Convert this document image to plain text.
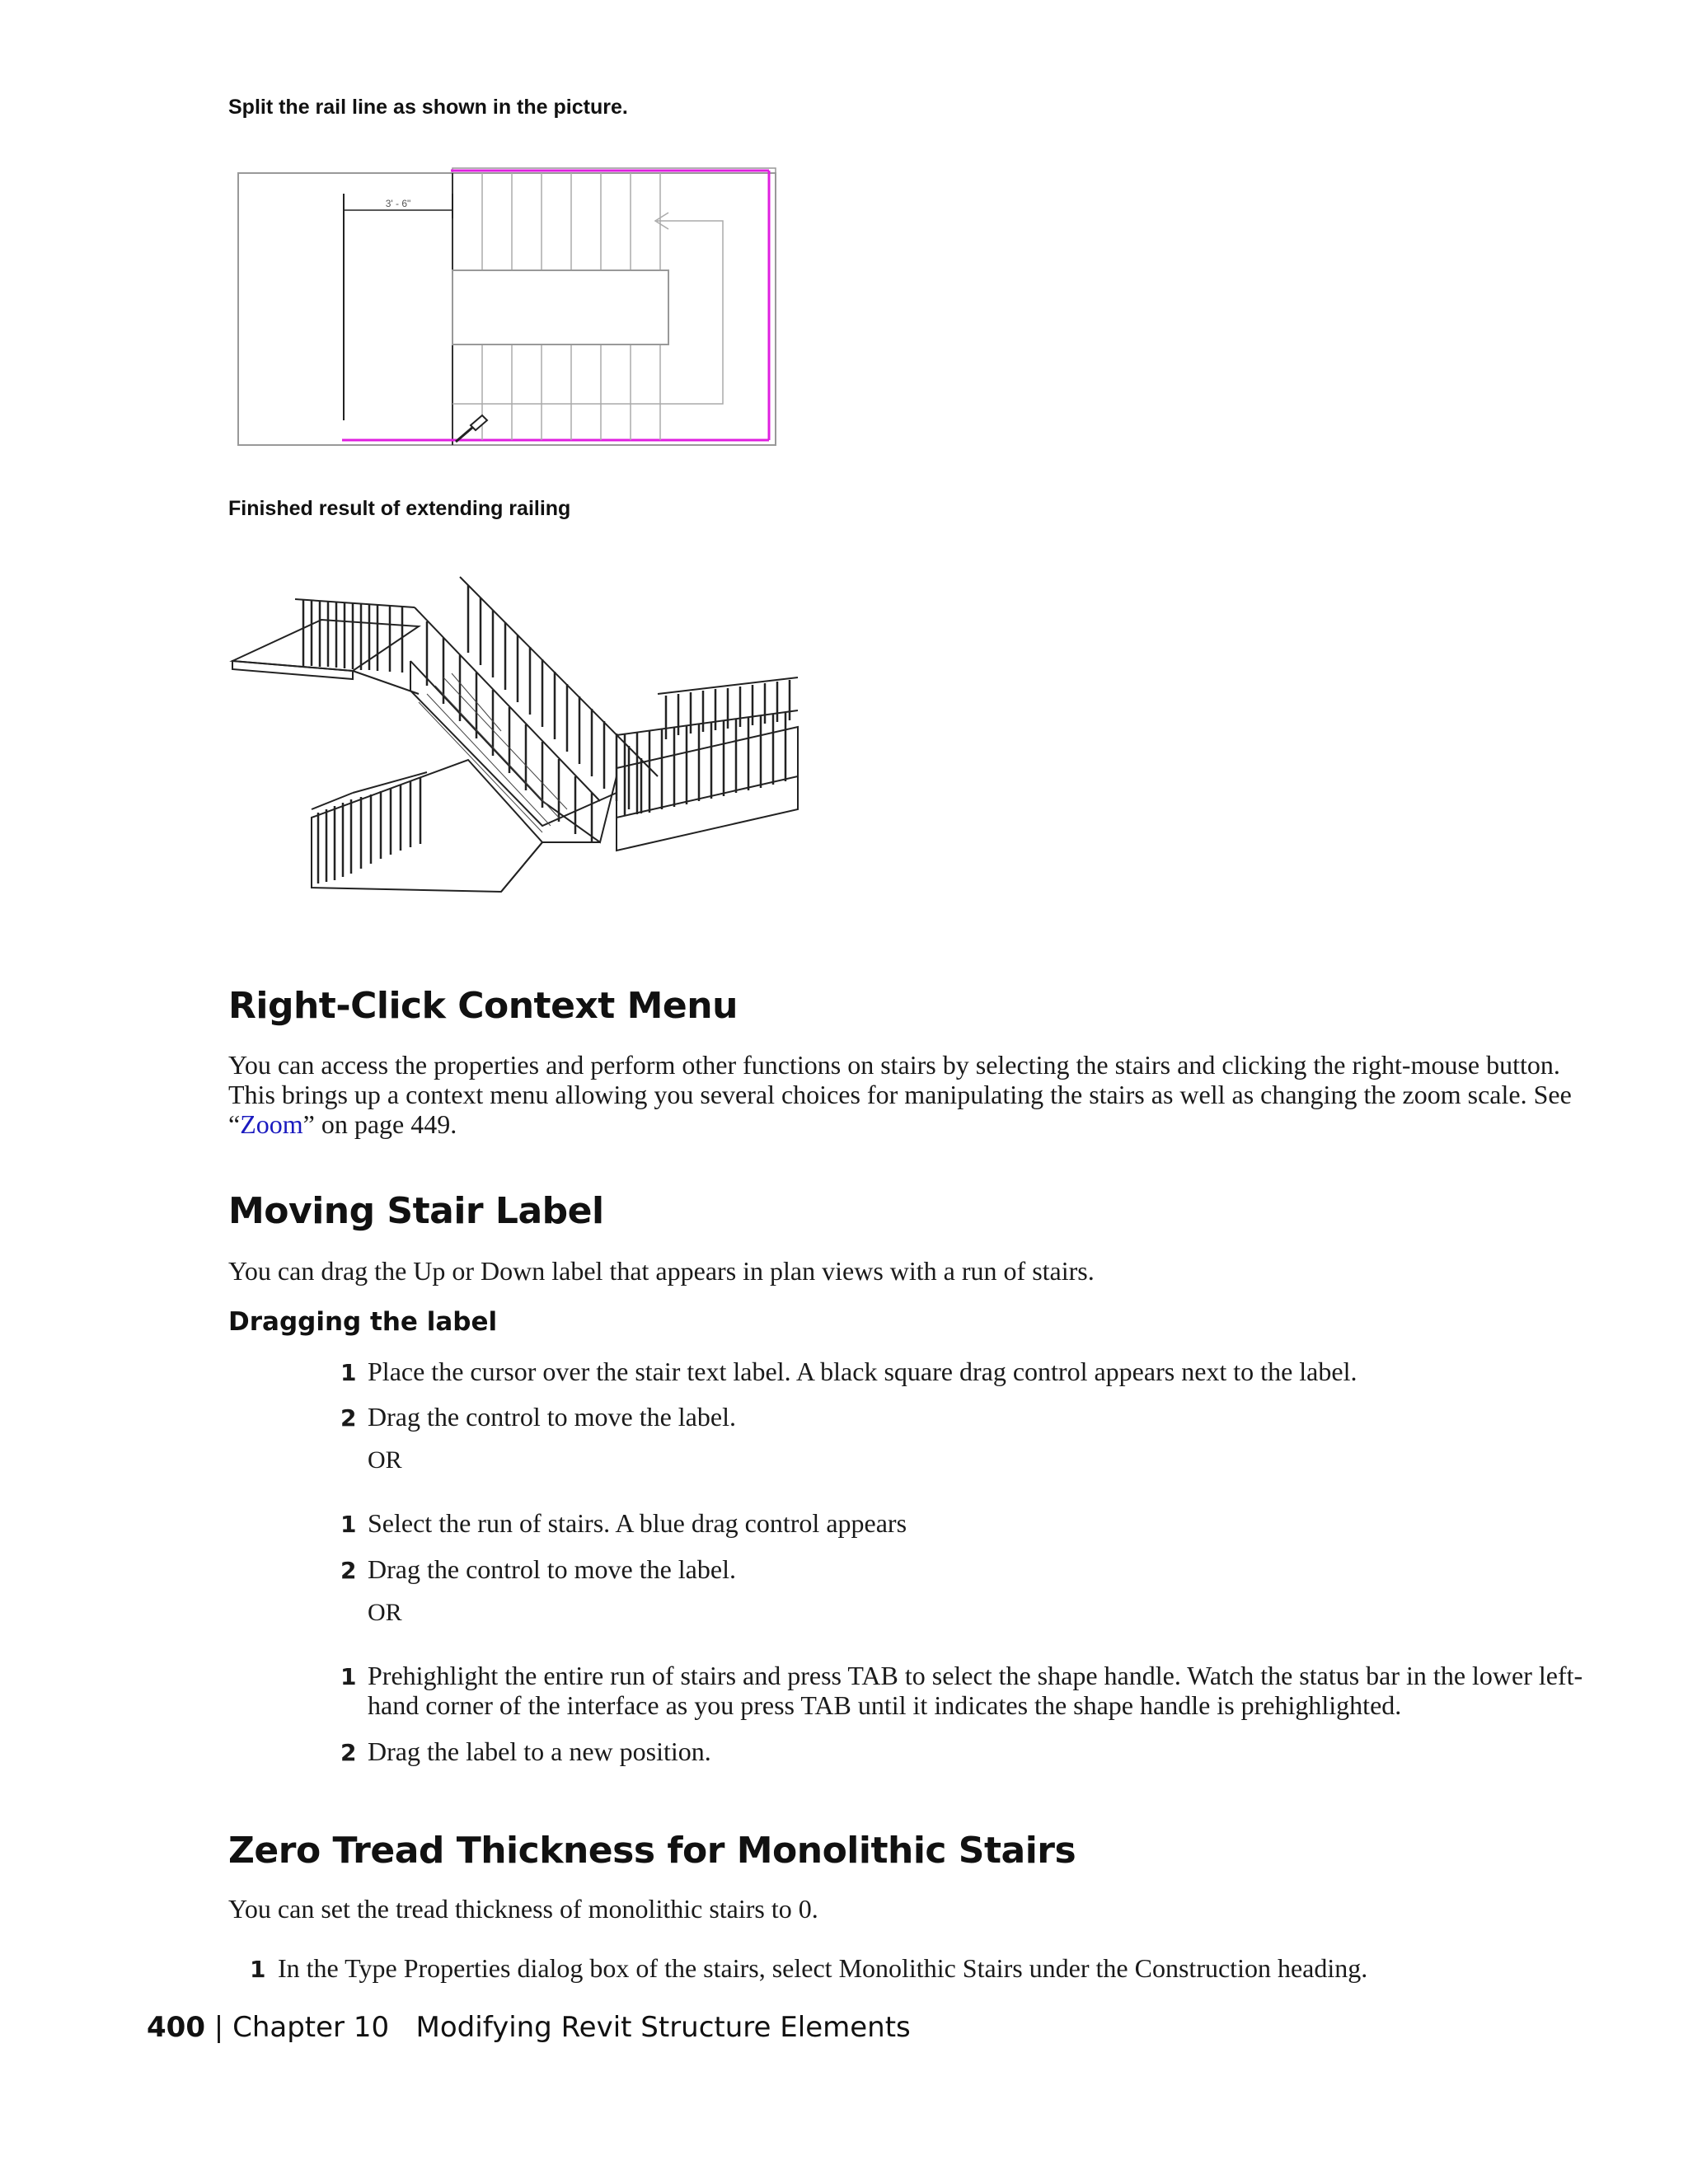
Split the rail line as shown in the picture.
3' - 6"
Finished result of extending railing
Right-Click Context Menu

You can access the properties and perform other functions on stairs by selecting the stairs and clicking the right-mouse button. This brings up a context menu allowing you several choices for manipulating the stairs as well as changing the zoom scale. See “Zoom” on page 449.

Moving Stair Label

You can drag the Up or Down label that appears in plan views with a run of stairs.

Dragging the label
1 Place the cursor over the stair text label. A black square drag control appears next to the label.
2 Drag the control to move the label.
OR
1 Select the run of stairs. A blue drag control appears
2 Drag the control to move the label.
OR
1 Prehighlight the entire run of stairs and press TAB to select the shape handle. Watch the status bar in the lower left-hand corner of the interface as you press TAB until it indicates the shape handle is prehighlighted.
2 Drag the label to a new position.
Zero Tread Thickness for Monolithic Stairs

You can set the tread thickness of monolithic stairs to 0.

1 In the Type Properties dialog box of the stairs, select Monolithic Stairs under the Construction heading.
400 | Chapter 10 Modifying Revit Structure Elements
